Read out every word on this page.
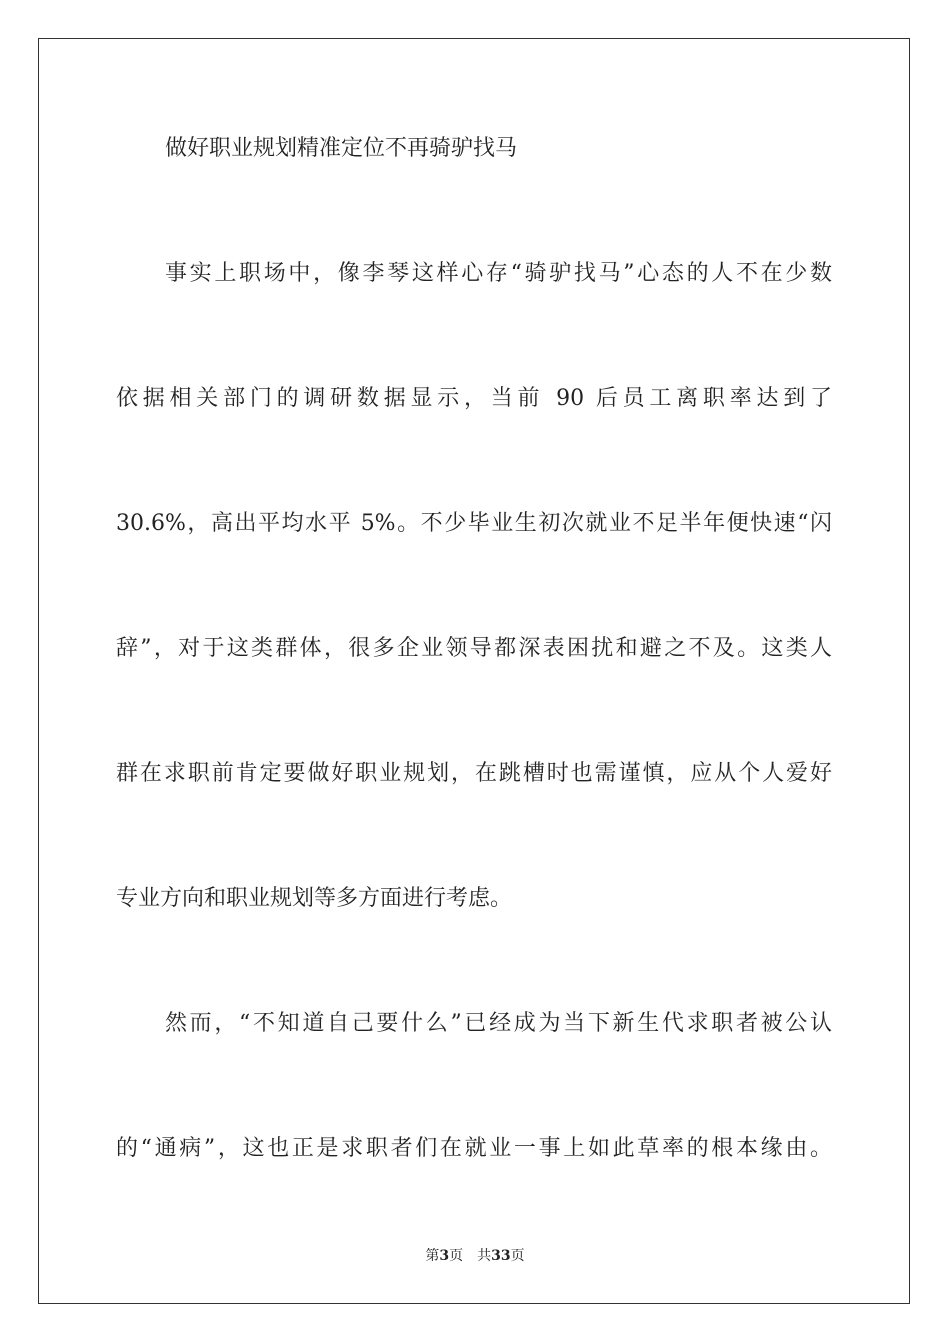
做好职业规划精准定位不再骑驴找马
事实上职场中，像李琴这样心存“骑驴找马”心态的人不在少数
依据相关部门的调研数据显示，当前 90 后员工离职率达到了
30.6%，高出平均水平 5%。不少毕业生初次就业不足半年便快速“闪
辞”，对于这类群体，很多企业领导都深表困扰和避之不及。这类人
群在求职前肯定要做好职业规划，在跳槽时也需谨慎，应从个人爱好
专业方向和职业规划等多方面进行考虑。
然而，“不知道自己要什么”已经成为当下新生代求职者被公认
的“通病”，这也正是求职者们在就业一事上如此草率的根本缘由。
第3页 共33页
